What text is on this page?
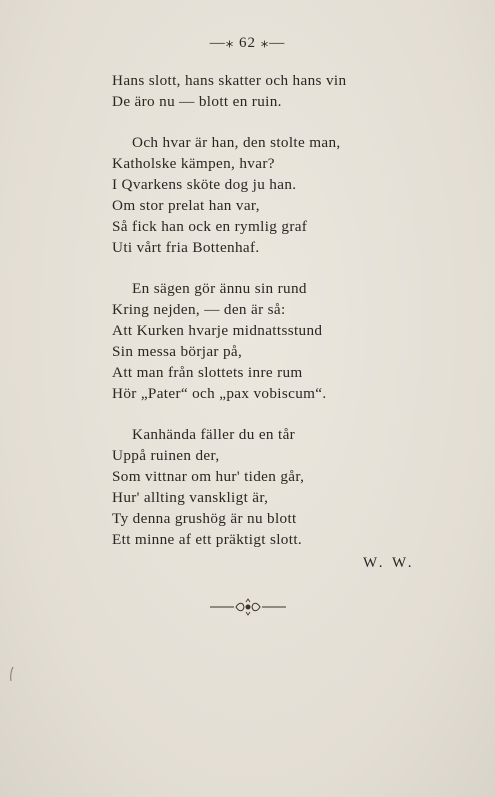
—⁎ 62 ⁎—
Hans slott, hans skatter och hans vin
De äro nu — blott en ruin.
Och hvar är han, den stolte man,
Katholske kämpen, hvar?
I Qvarkens sköte dog ju han.
Om stor prelat han var,
Så fick han ock en rymlig graf
Uti vårt fria Bottenhaf.
En sägen gör ännu sin rund
Kring nejden, — den är så:
Att Kurken hvarje midnattsstund
Sin messa börjar på,
Att man från slottets inre rum
Hör „Pater“ och „pax vobiscum“.
Kanhända fäller du en tår
Uppå ruinen der,
Som vittnar om hur' tiden går,
Hur' allting vanskligt är,
Ty denna grushög är nu blott
Ett minne af ett präktigt slott.
W. W.
